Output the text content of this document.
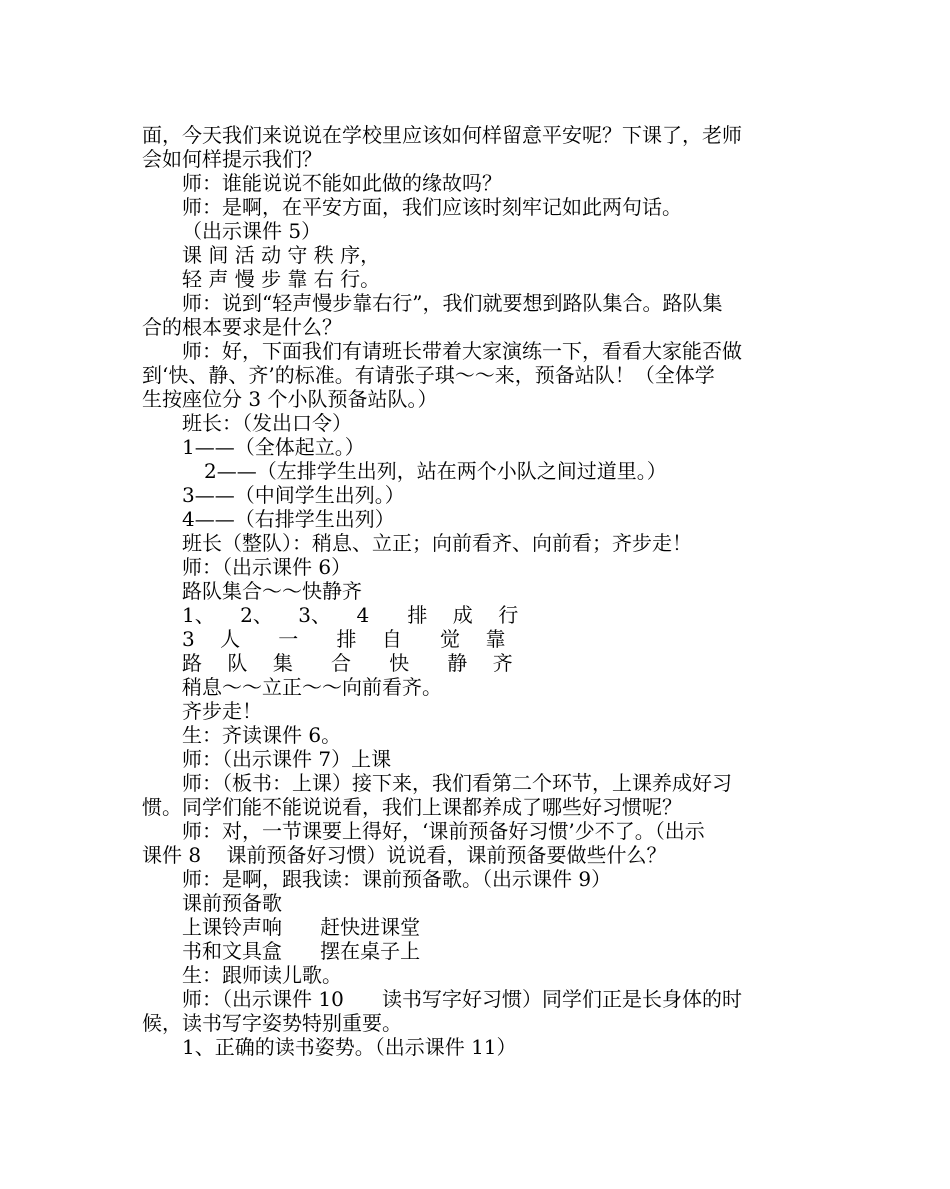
面，今天我们来说说在学校里应该如何样留意平安呢？下课了，老师
会如何样提示我们？
师：谁能说说不能如此做的缘故吗？
师：是啊，在平安方面，我们应该时刻牢记如此两句话。
（出示课件 5）
课 间 活 动 守 秩 序，
轻 声 慢 步 靠 右 行。
师：说到“轻声慢步靠右行”，我们就要想到路队集合。路队集
合的根本要求是什么？
师：好，下面我们有请班长带着大家演练一下，看看大家能否做
到‘快、静、齐’的标准。有请张子琪～～来，预备站队！（全体学
生按座位分 3 个小队预备站队。）
班长：（发出口令）
1——（全体起立。）
2——（左排学生出列，站在两个小队之间过道里。）
3——（中间学生出列。）
4——（右排学生出列）
班长（整队）：稍息、立正；向前看齐、向前看；齐步走！
师：（出示课件 6）
路队集合～～快静齐
1、    2、    3、    4      排    成    行
3    人      一      排    自      觉    靠
路    队    集      合      快      静    齐
稍息～～立正～～向前看齐。
齐步走！
生：齐读课件 6。
师：（出示课件 7）上课
师：（板书：上课）接下来，我们看第二个环节，上课养成好习
惯。同学们能不能说说看，我们上课都养成了哪些好习惯呢？
师：对，一节课要上得好，‘课前预备好习惯’少不了。（出示
课件 8    课前预备好习惯）说说看，课前预备要做些什么？
师：是啊，跟我读：课前预备歌。（出示课件 9）
课前预备歌
上课铃声响      赶快进课堂
书和文具盒      摆在桌子上
生：跟师读儿歌。
师：（出示课件 10      读书写字好习惯）同学们正是长身体的时
候，读书写字姿势特别重要。
1、正确的读书姿势。（出示课件 11）
